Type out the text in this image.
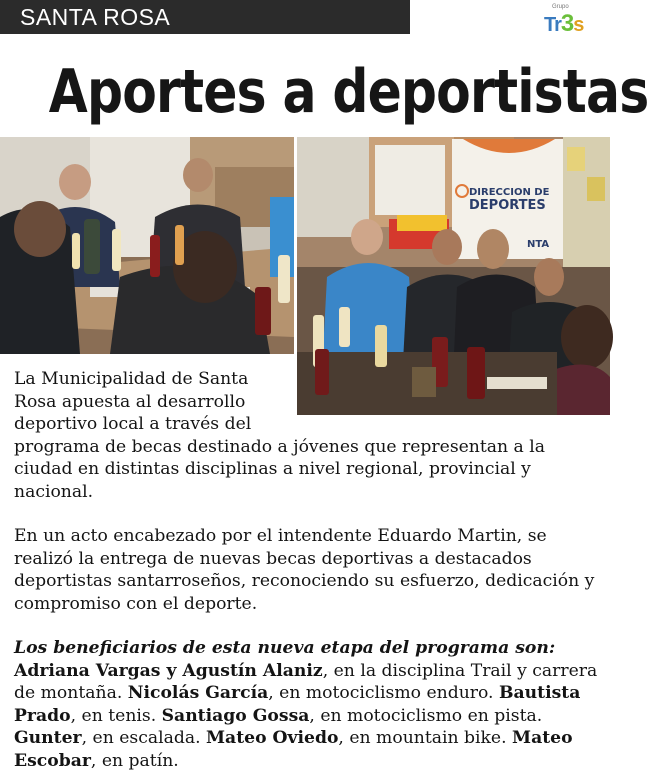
SANTA ROSA	Grupo
Tr3s
Aportes a deportistas
DIRECCION DE
DEPORTES
NTA

La Municipalidad de Santa Rosa apuesta al desarrollo deportivo local a través del

programa de becas destinado a jóvenes que representan a la ciudad en distintas disciplinas a nivel regional, provincial y nacional.

En un acto encabezado por el intendente Eduardo Martin, se realizó la entrega de nuevas becas deportivas a destacados deportistas santarroseños, reconociendo su esfuerzo, dedicación y compromiso con el deporte.

Los beneficiarios de esta nueva etapa del programa son:
Adriana Vargas y Agustín Alaniz, en la disciplina Trail y carrera de montaña. Nicolás García, en motociclismo enduro. Bautista Prado, en tenis. Santiago Gossa, en motociclismo en pista. Gunter, en escalada. Mateo Oviedo, en mountain bike. Mateo Escobar, en patín.
